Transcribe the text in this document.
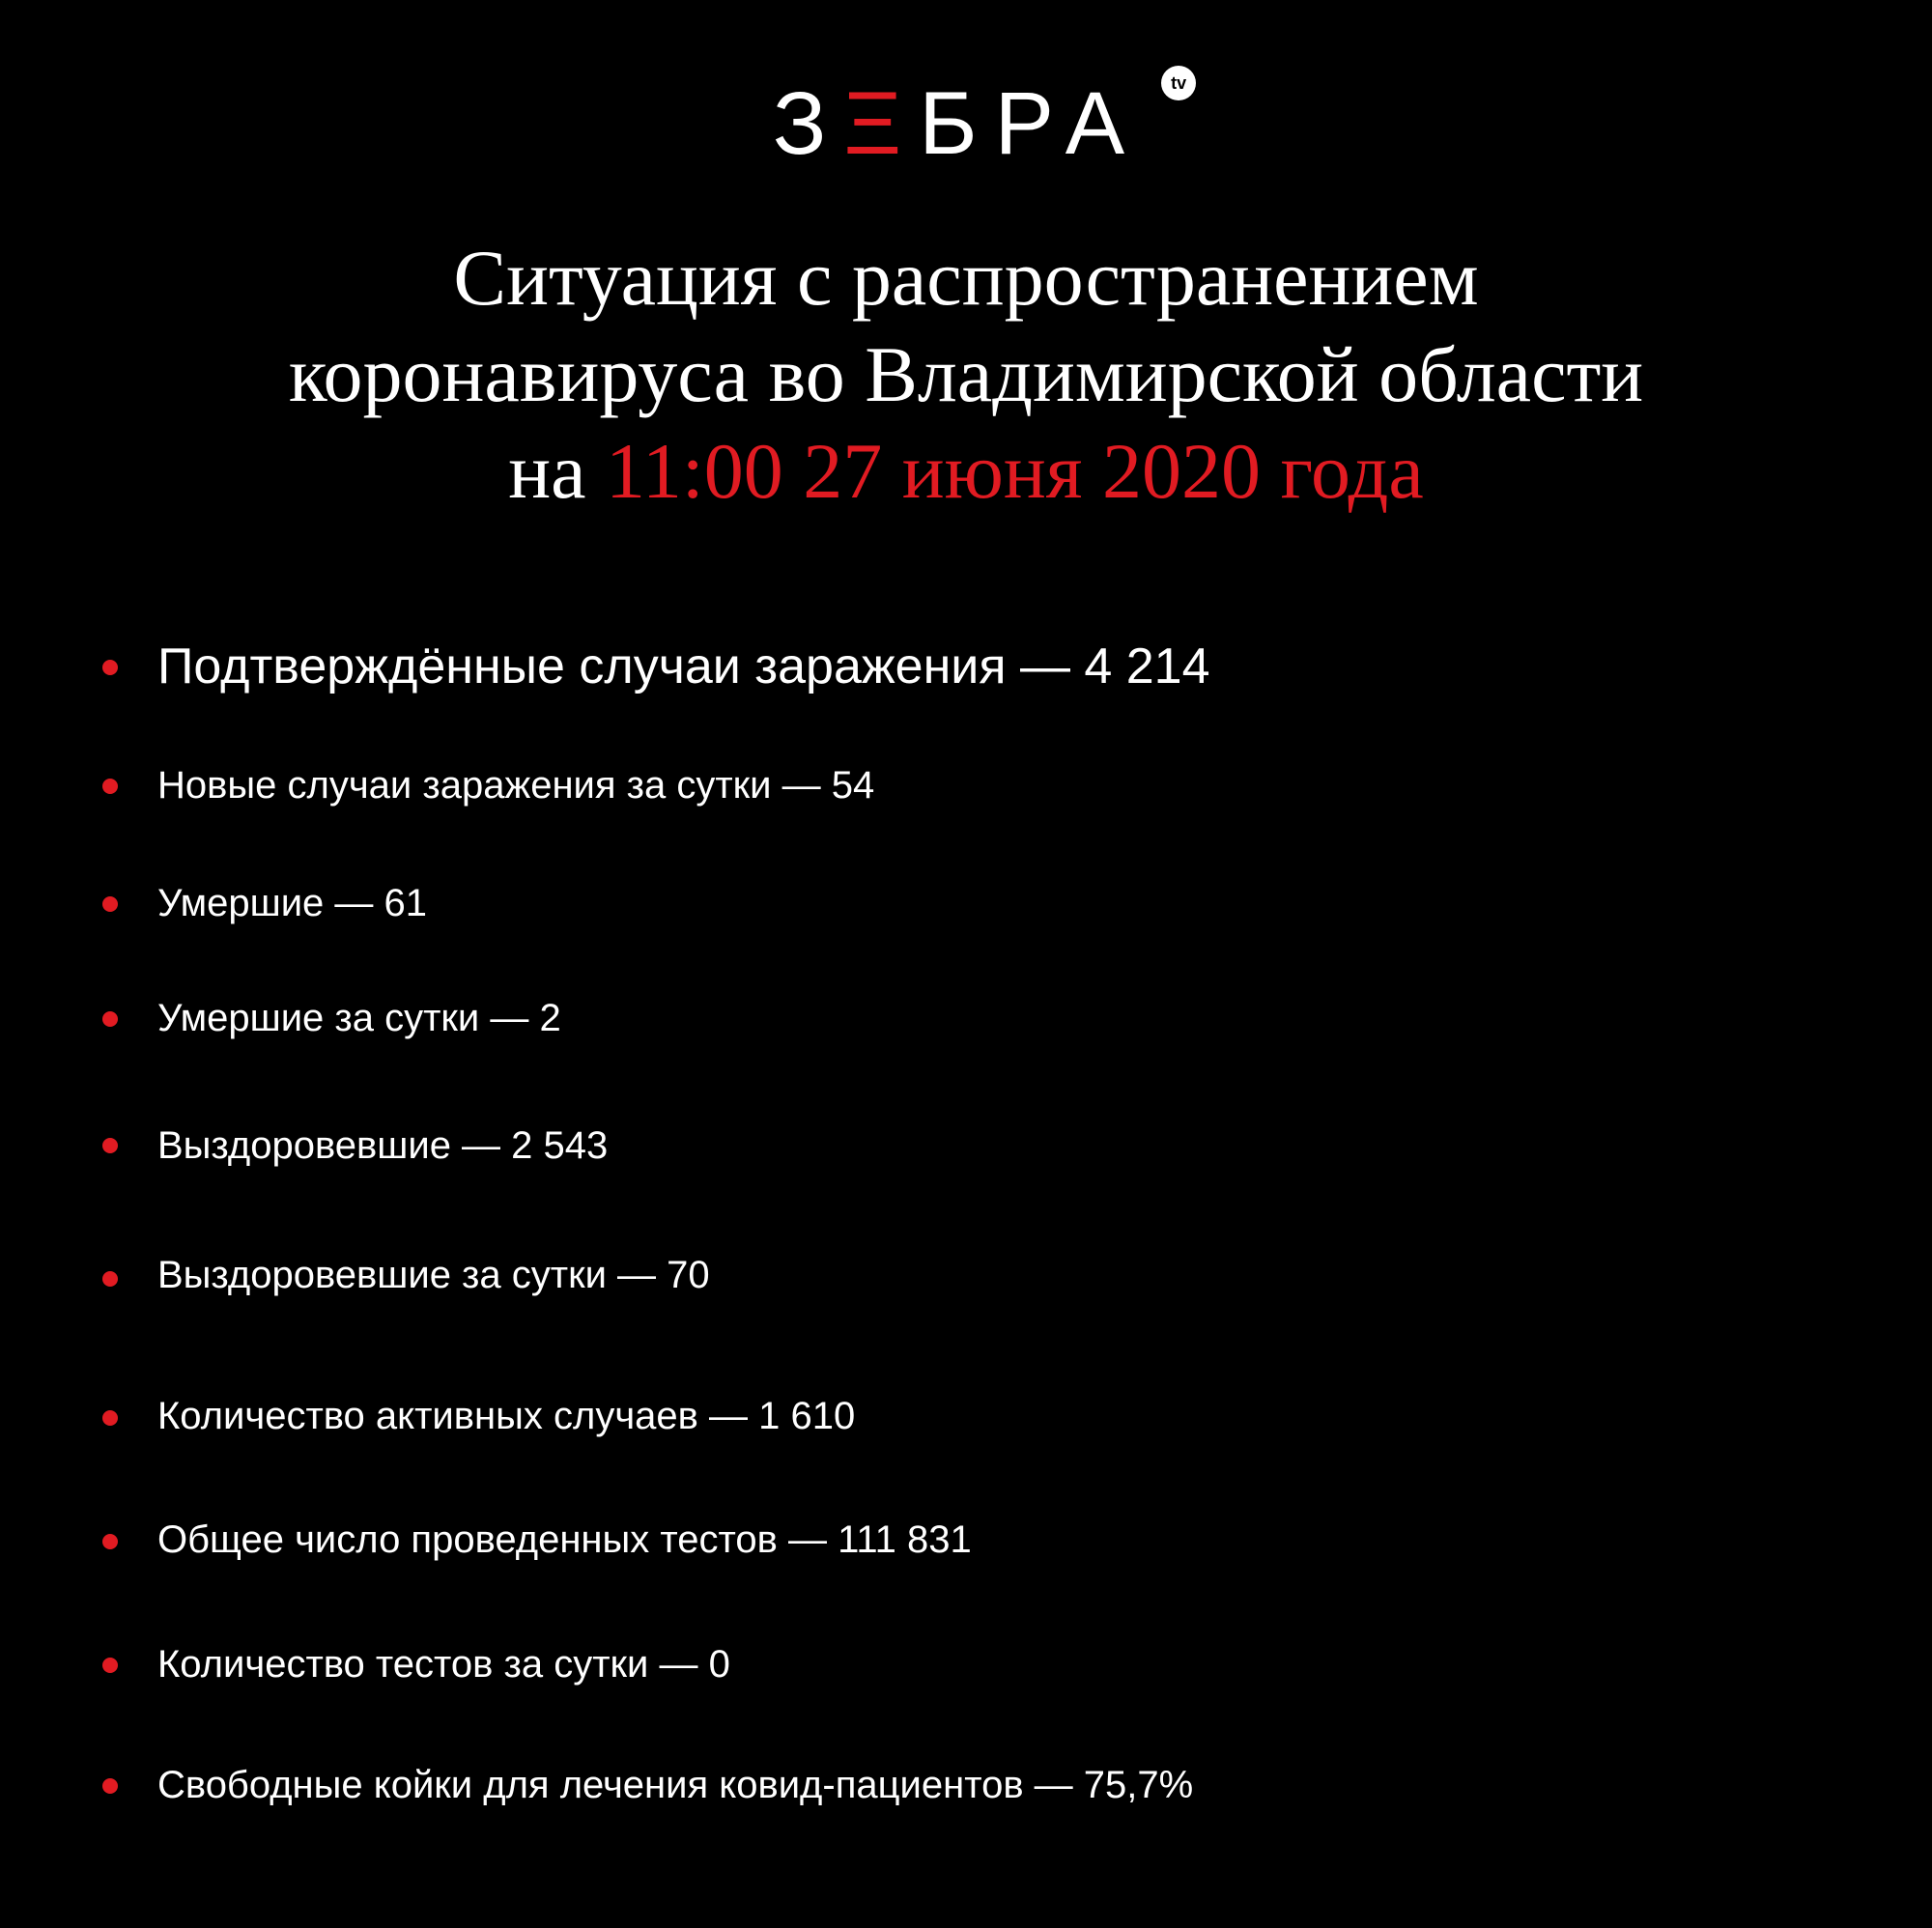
ЗΞБРА	tv
Ситуация с распространением
коронавируса во Владимирской области
на 11:00 27 июня 2020 года
Подтверждённые случаи заражения — 4 214
Новые случаи заражения за сутки — 54
Умершие — 61
Умершие за сутки — 2
Выздоровевшие — 2 543
Выздоровевшие за сутки — 70
Количество активных случаев — 1 610
Общее число проведенных тестов — 111 831
Количество тестов за сутки — 0
Свободные койки для лечения ковид-пациентов — 75,7%
